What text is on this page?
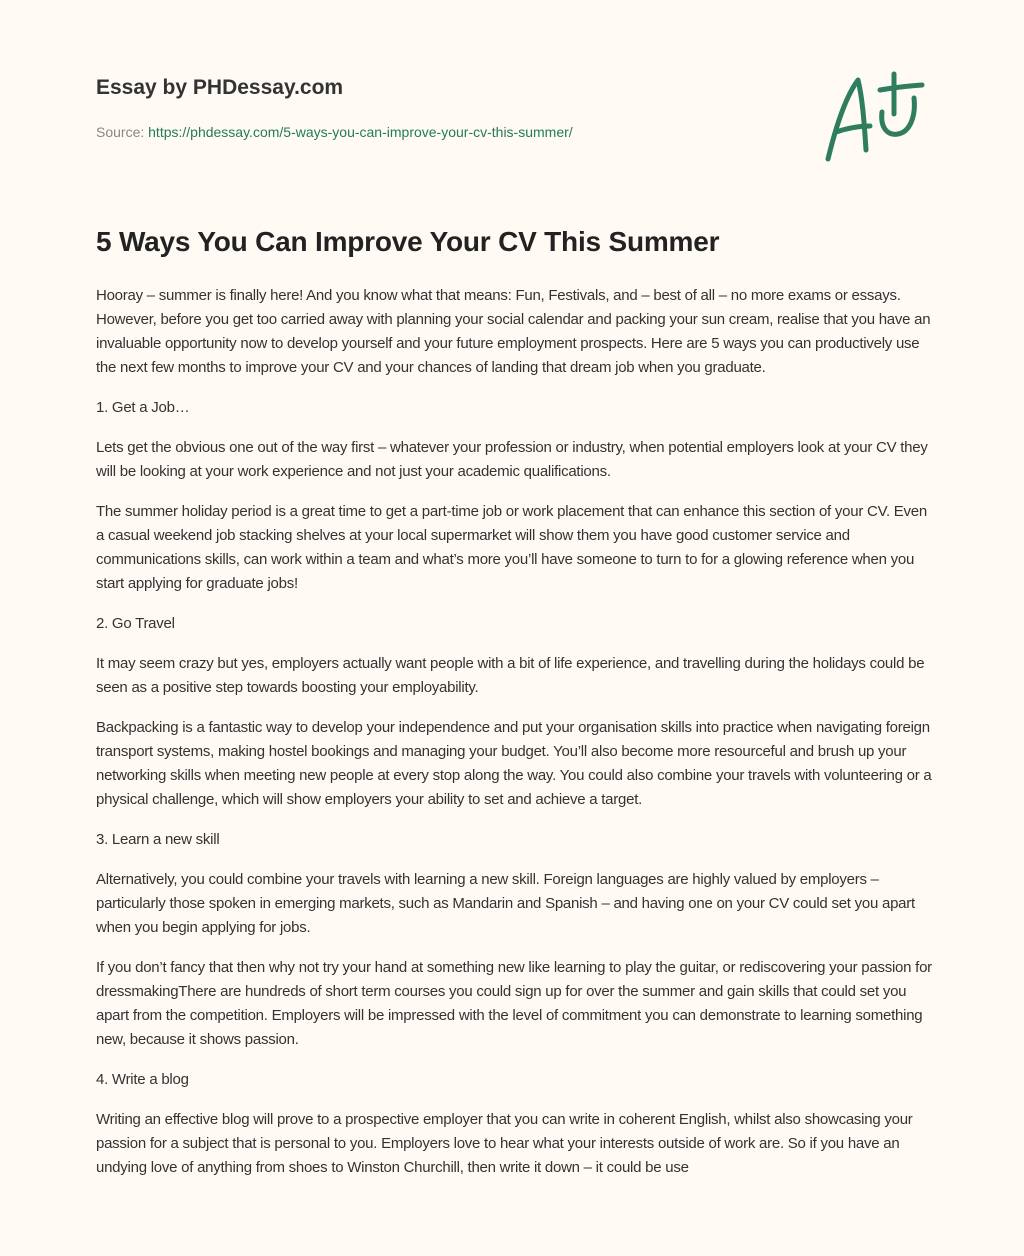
Essay by PHDessay.com
Source: https://phdessay.com/5-ways-you-can-improve-your-cv-this-summer/
5 Ways You Can Improve Your CV This Summer

Hooray – summer is finally here! And you know what that means: Fun, Festivals, and – best of all – no more exams or essays. However, before you get too carried away with planning your social calendar and packing your sun cream, realise that you have an invaluable opportunity now to develop yourself and your future employment prospects. Here are 5 ways you can productively use the next few months to improve your CV and your chances of landing that dream job when you graduate.

1. Get a Job…

Lets get the obvious one out of the way first – whatever your profession or industry, when potential employers look at your CV they will be looking at your work experience and not just your academic qualifications.

The summer holiday period is a great time to get a part-time job or work placement that can enhance this section of your CV. Even a casual weekend job stacking shelves at your local supermarket will show them you have good customer service and communications skills, can work within a team and what’s more you’ll have someone to turn to for a glowing reference when you start applying for graduate jobs!

2. Go Travel

It may seem crazy but yes, employers actually want people with a bit of life experience, and travelling during the holidays could be seen as a positive step towards boosting your employability.

Backpacking is a fantastic way to develop your independence and put your organisation skills into practice when navigating foreign transport systems, making hostel bookings and managing your budget. You’ll also become more resourceful and brush up your networking skills when meeting new people at every stop along the way. You could also combine your travels with volunteering or a physical challenge, which will show employers your ability to set and achieve a target.

3. Learn a new skill

Alternatively, you could combine your travels with learning a new skill. Foreign languages are highly valued by employers – particularly those spoken in emerging markets, such as Mandarin and Spanish – and having one on your CV could set you apart when you begin applying for jobs.

If you don’t fancy that then why not try your hand at something new like learning to play the guitar, or rediscovering your passion for dressmakingThere are hundreds of short term courses you could sign up for over the summer and gain skills that could set you apart from the competition. Employers will be impressed with the level of commitment you can demonstrate to learning something new, because it shows passion.

4. Write a blog

Writing an effective blog will prove to a prospective employer that you can write in coherent English, whilst also showcasing your passion for a subject that is personal to you. Employers love to hear what your interests outside of work are. So if you have an undying love of anything from shoes to Winston Churchill, then write it down – it could be use
